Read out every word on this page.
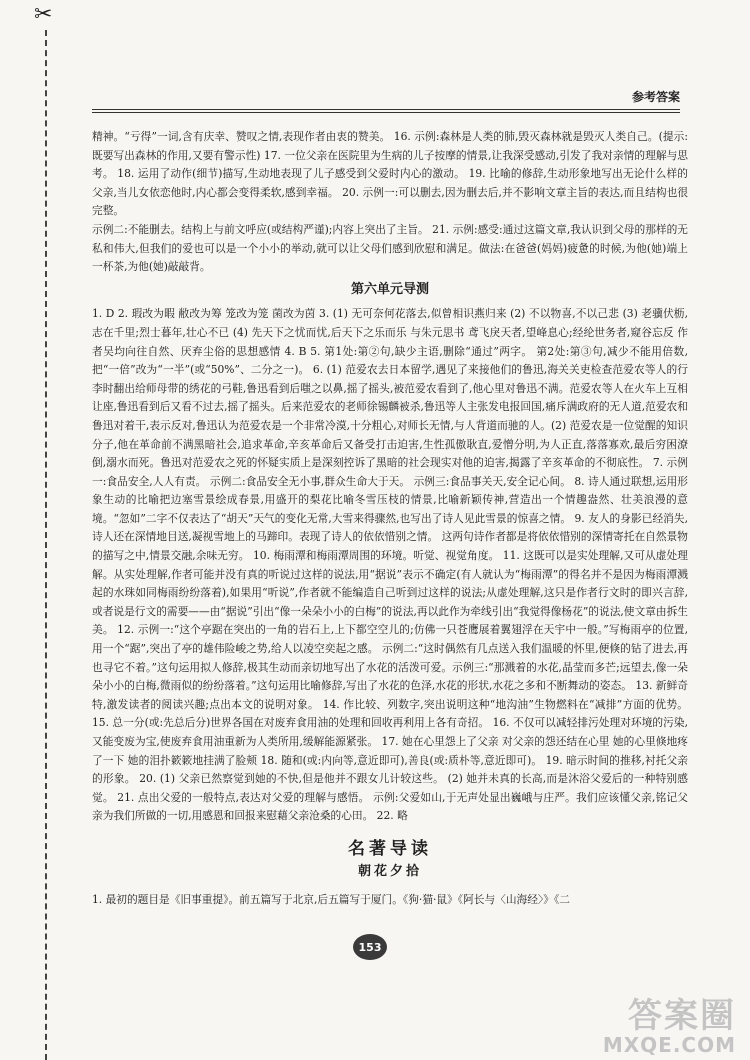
✂
参考答案

精神。“亏得”一词,含有庆幸、赞叹之情,表现作者由衷的赞美。 16. 示例:森林是人类的肺,毁灭森林就是毁灭人类自己。(提示:既要写出森林的作用,又要有警示性) 17. 一位父亲在医院里为生病的儿子按摩的情景,让我深受感动,引发了我对亲情的理解与思考。 18. 运用了动作(细节)描写,生动地表现了儿子感受到父爱时内心的激动。 19. 比喻的修辞,生动形象地写出无论什么样的父亲,当儿女依恋他时,内心都会变得柔软,感到幸福。 20. 示例一:可以删去,因为删去后,并不影响文章主旨的表达,而且结构也很完整。

示例二:不能删去。结构上与前文呼应(或结构严谨);内容上突出了主旨。 21. 示例:感受:通过这篇文章,我认识到父母的那样的无私和伟大,但我们的爱也可以是一个小小的举动,就可以让父母们感到欣慰和满足。做法:在爸爸(妈妈)疲惫的时候,为他(她)端上一杯茶,为他(她)敲敲背。

第六单元导测

1. D 2. 瑕改为暇 敝改为筹 笼改为笼 菌改为茵 3. (1) 无可奈何花落去,似曾相识燕归来 (2) 不以物喜,不以己悲 (3) 老骥伏枥,志在千里;烈士暮年,壮心不已 (4) 先天下之忧而忧,后天下之乐而乐 与朱元思书 鸢飞戾天者,望峰息心;经纶世务者,窥谷忘反 作者吴均向往自然、厌弃尘俗的思想感情 4. B 5. 第1处:第②句,缺少主语,删除“通过”两字。 第2处:第③句,减少不能用倍数,把“一倍”改为“一半”(或“50%”、二分之一)。 6. (1) 范爱农去日本留学,遇见了来接他们的鲁迅,海关关吏检查范爱农等人的行李时翻出给师母带的绣花的弓鞋,鲁迅看到后嗤之以鼻,摇了摇头,被范爱农看到了,他心里对鲁迅不满。范爱农等人在火车上互相让座,鲁迅看到后又看不过去,摇了摇头。后来范爱农的老师徐锡麟被杀,鲁迅等人主张发电报回国,痛斥满政府的无人道,范爱农和鲁迅对着干,表示反对,鲁迅认为范爱农是一个非常冷漠,十分粗心,对师长无情,与人背道而驰的人。(2) 范爱农是一位觉醒的知识分子,他在革命前不满黑暗社会,追求革命,辛亥革命后又备受打击迫害,生性孤傲耿直,爱憎分明,为人正直,落落寡欢,最后穷困潦倒,溺水而死。鲁迅对范爱农之死的怀疑实质上是深刻控诉了黑暗的社会现实对他的迫害,揭露了辛亥革命的不彻底性。 7. 示例一:食品安全,人人有责。 示例二:食品安全无小事,群众生命大于天。 示例三:食品事关天,安全记心间。 8. 诗人通过联想,运用形象生动的比喻把边塞雪景绘成春景,用盛开的梨花比喻冬雪压枝的情景,比喻新颖传神,营造出一个情趣盎然、壮美浪漫的意境。“忽如”二字不仅表达了“胡天”天气的变化无常,大雪来得骤然,也写出了诗人见此雪景的惊喜之情。 9. 友人的身影已经消失,诗人还在深情地目送,凝视雪地上的马蹄印。表现了诗人的依依惜别之情。 这两句诗作者都是将依依惜别的深情寄托在自然景物的描写之中,情景交融,余味无穷。 10. 梅雨潭和梅雨潭周围的环境。听觉、视觉角度。 11. 这既可以是实处理解,又可从虚处理解。从实处理解,作者可能并没有真的听说过这样的说法,用“据说”表示不确定(有人就认为“梅雨潭”的得名并不是因为梅雨潭溅起的水珠如同梅雨纷纷落着),如果用“听说”,作者就不能编造自己听到过这样的说法;从虚处理解,这只是作者行文时的即兴言辞,或者说是行文的需要——由“据说”引出“像一朵朵小小的白梅”的说法,再以此作为牵线引出“我觉得像杨花”的说法,使文章由拆生美。 12. 示例一:“这个亭踞在突出的一角的岩石上,上下都空空儿的;仿佛一只苍鹰展着翼翅浮在天宇中一般。”写梅雨亭的位置,用一个“踞”,突出了亭的雄伟险峻之势,给人以凌空奕起之感。 示例二:“这时偶然有几点送入我们温暖的怀里,便倏的钻了进去,再也寻它不着。”这句运用拟人修辞,极其生动而亲切地写出了水花的活泼可爱。示例三:“那溅着的水花,晶莹而多芒;远望去,像一朵朵小小的白梅,微雨似的纷纷落着。”这句运用比喻修辞,写出了水花的色泽,水花的形状,水花之多和不断舞动的姿态。 13. 新鲜奇特,激发读者的阅读兴趣;点出本文的说明对象。 14. 作比较、列数字,突出说明这种“地沟油”生物燃料在“减排”方面的优势。 15. 总一分(或:先总后分)世界各国在对废弃食用油的处理和回收再利用上各有奇招。 16. 不仅可以减轻排污处理对环境的污染,又能变废为宝,使废弃食用油重新为人类所用,缓解能源紧张。 17. 她在心里怨上了父亲 对父亲的怨还结在心里 她的心里倏地疼了一下 她的泪扑簌簌地挂满了脸颊 18. 随和(或:内向等,意近即可),善良(或:质朴等,意近即可)。 19. 暗示时间的推移,衬托父亲的形象。 20. (1) 父亲已然察觉到她的不快,但是他并不跟女儿计较这些。 (2) 她并未真的长高,而是沐浴父爱后的一种特别感觉。 21. 点出父爱的一般特点,表达对父爱的理解与感悟。 示例:父爱如山,于无声处显出巍峨与庄严。我们应该懂父亲,铭记父亲为我们所做的一切,用感恩和回报来慰藉父亲沧桑的心田。 22. 略

名著导读
朝花夕拾

1. 最初的题目是《旧事重提》。前五篇写于北京,后五篇写于厦门。《狗·猫·鼠》《阿长与〈山海经〉》《二

153
答案圈
MXQE.COM
